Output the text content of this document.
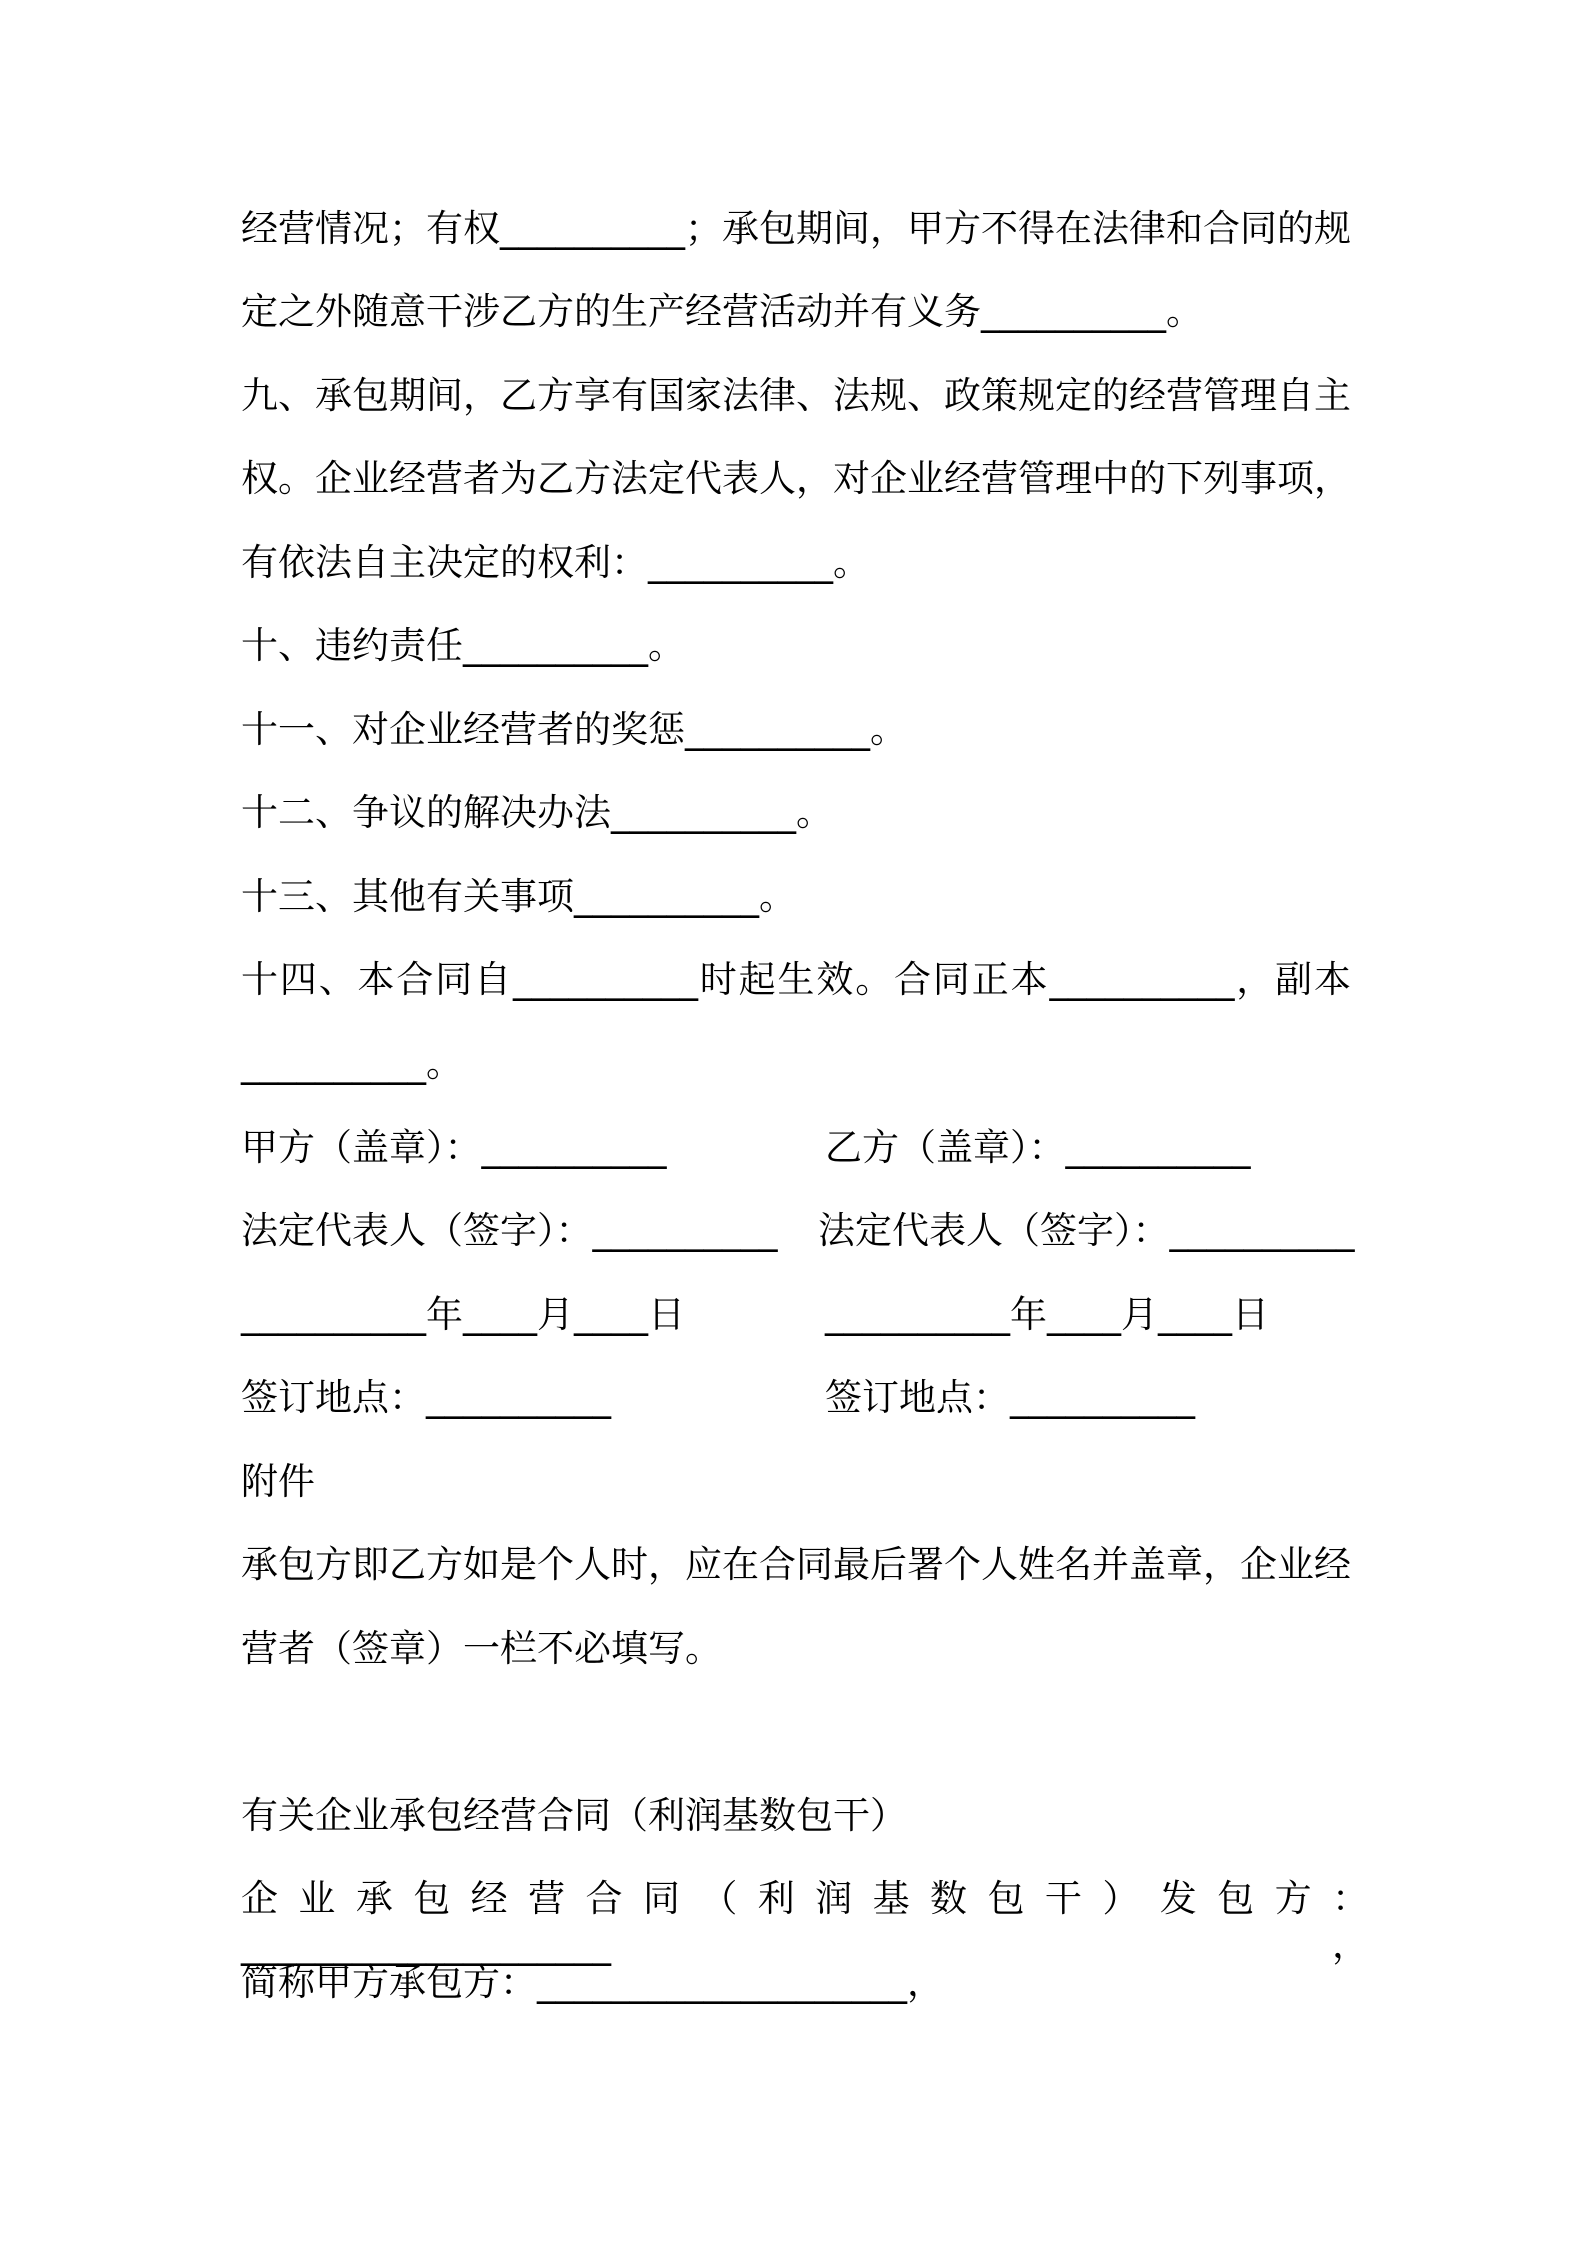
经营情况；有权__________；承包期间，甲方不得在法律和合同的规
定之外随意干涉乙方的生产经营活动并有义务__________。
九、承包期间，乙方享有国家法律、法规、政策规定的经营管理自主
权。企业经营者为乙方法定代表人，对企业经营管理中的下列事项，
有依法自主决定的权利：__________。
十、违约责任__________。
十一、对企业经营者的奖惩__________。
十二、争议的解决办法__________。
十三、其他有关事项__________。
十四、本合同自__________时起生效。合同正本__________，副本
__________。
甲方（盖章）：__________	乙方（盖章）：__________
法定代表人（签字）：__________ 法定代表人（签字）：__________
__________年____月____日	__________年____月____日
签订地点：__________	签订地点：__________
附件
承包方即乙方如是个人时，应在合同最后署个人姓名并盖章，企业经
营者（签章）一栏不必填写。
有关企业承包经营合同（利润基数包干）
企业承包经营合同（利润基数包干）发包方：____________________，
简称甲方承包方：____________________，
